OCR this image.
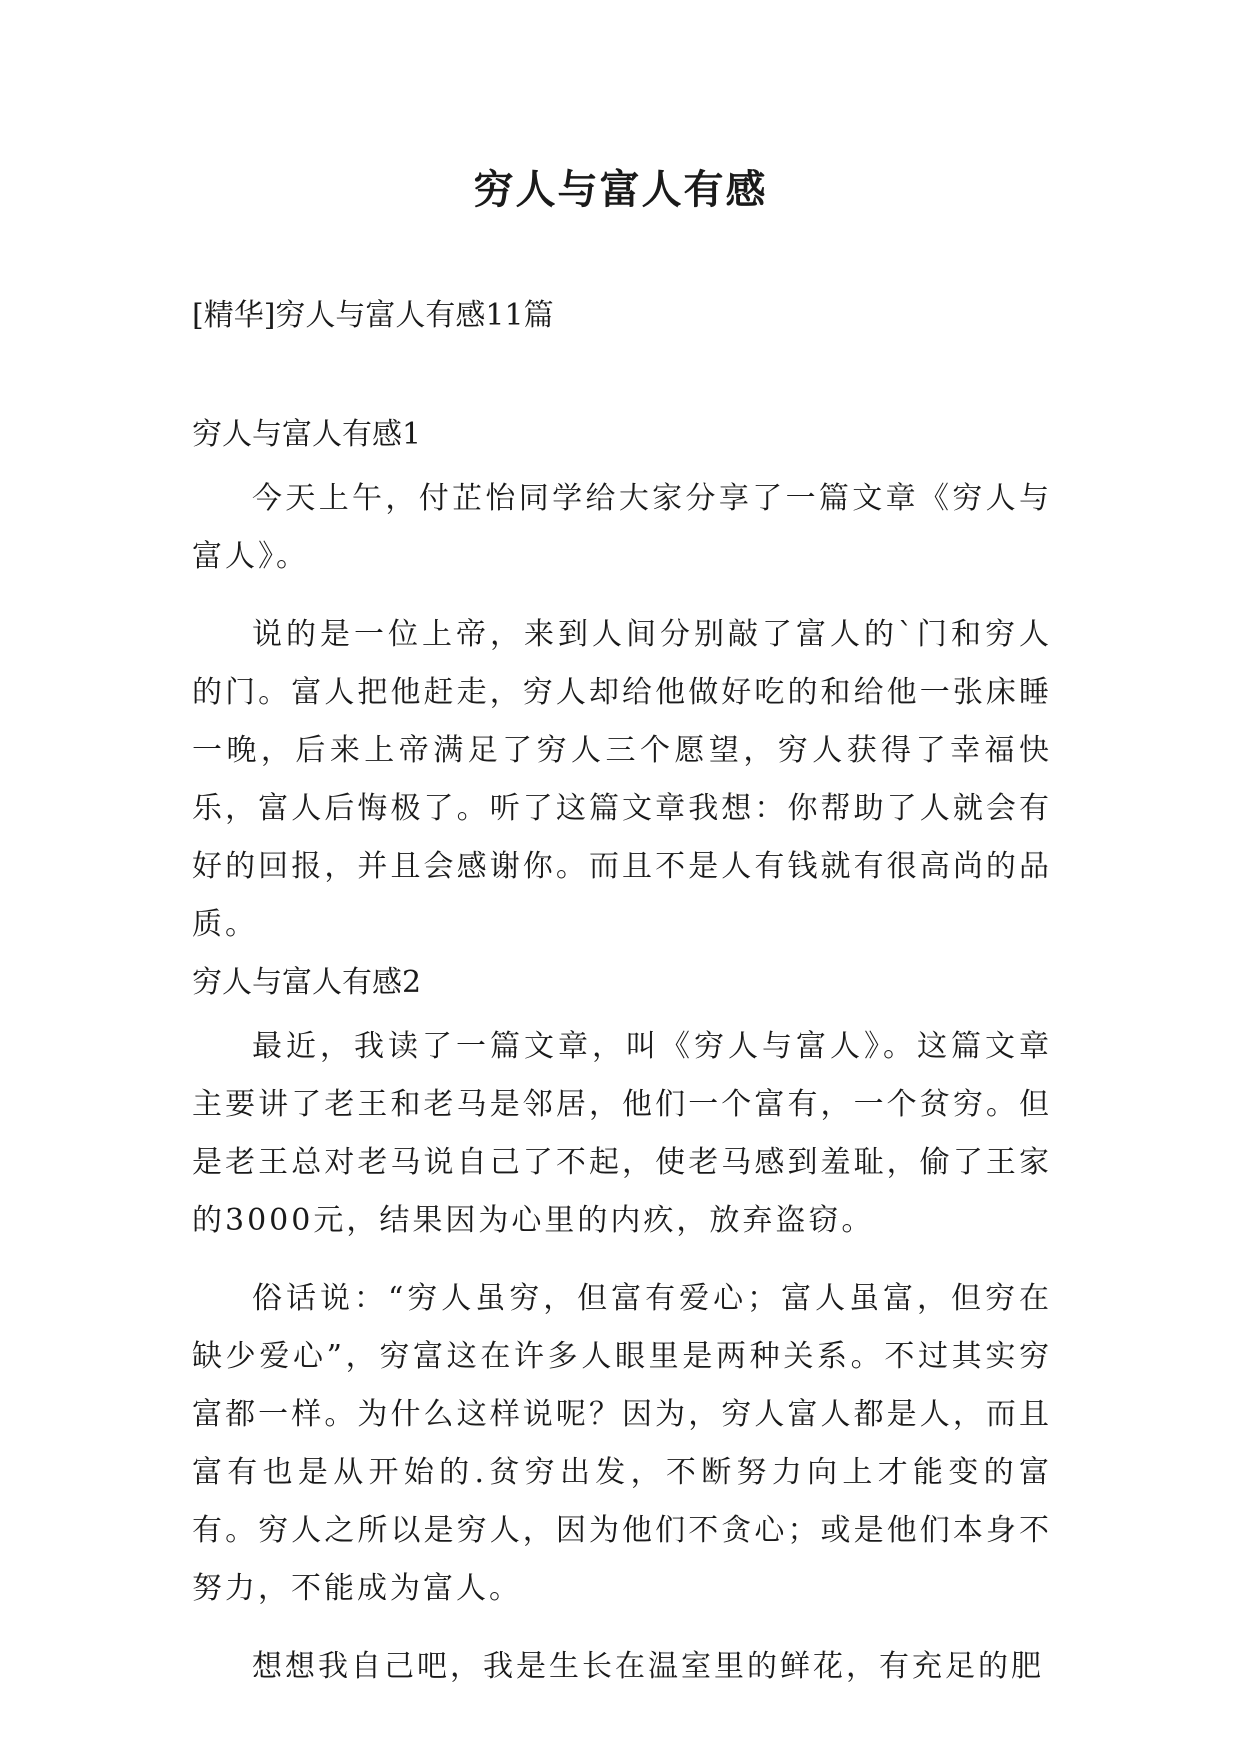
穷人与富人有感

[精华]穷人与富人有感11篇

穷人与富人有感1

今天上午，付芷怡同学给大家分享了一篇文章《穷人与富人》。

说的是一位上帝，来到人间分别敲了富人的`门和穷人的门。富人把他赶走，穷人却给他做好吃的和给他一张床睡一晚，后来上帝满足了穷人三个愿望，穷人获得了幸福快乐，富人后悔极了。听了这篇文章我想：你帮助了人就会有好的回报，并且会感谢你。而且不是人有钱就有很高尚的品质。

穷人与富人有感2

最近，我读了一篇文章，叫《穷人与富人》。这篇文章主要讲了老王和老马是邻居，他们一个富有，一个贫穷。但是老王总对老马说自己了不起，使老马感到羞耻，偷了王家的3000元，结果因为心里的内疚，放弃盗窃。

俗话说：“穷人虽穷，但富有爱心；富人虽富，但穷在缺少爱心”，穷富这在许多人眼里是两种关系。不过其实穷富都一样。为什么这样说呢？因为，穷人富人都是人，而且富有也是从开始的.贫穷出发，不断努力向上才能变的富有。穷人之所以是穷人，因为他们不贪心；或是他们本身不努力，不能成为富人。

想想我自己吧，我是生长在温室里的鲜花，有充足的肥
